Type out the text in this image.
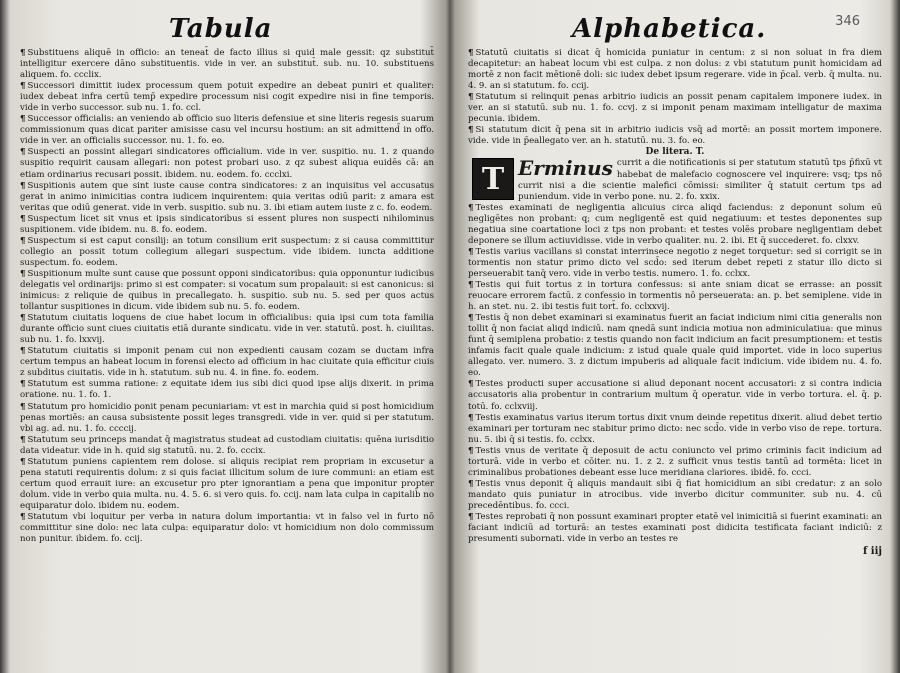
Tabula

¶ Substituens aliquē in officio: an teneat̄ de facto illius si quid male gessit: qz substitut̄ intelligitur exercere dāno substituentis. vide in ver. an substitut̄. sub. nu. 10. substituens aliquem. fo. ccclix.

¶ Successori dimittit iudex processum quem potuit expedire an debeat puniri et qualiter: iudex debeat infra certū temp̄ expedire processum nisi cogit expedire nisi in fine temporis. vide in verbo successor. sub nu. 1. fo. ccl.

¶ Successor officialis: an veniendo ab officio suo literis defensiue et sine literis regesis suarum commissionum quas dicat pariter amisisse casu vel incursu hostium: an sit admittend̄ in offo. vide in ver. an officialis successor. nu. 1. fo. eo.

¶ Suspecti an possint allegari sindicatores officialium. vide in ver. suspitio. nu. 1. z quando suspitio requirit causam allegari: non potest probari uso. z qz subest aliqua euidēs cā: an etiam ordinarius recusari possit. ibidem. nu. eodem. fo. ccclxi.

¶ Suspitionis autem que sint iuste cause contra sindicatores: z an inquisitus vel accusatus gerat in animo inimicitias contra iudicem inquirentem: quia veritas odiū parit: z amara est veritas que odiū generat. vide in verb. suspitio. sub nu. 3. ibi etiam autem iuste z c. fo. eodem.

¶ Suspectum licet sit vnus et ipsis sindicatoribus si essent plures non suspecti nihilominus suspitionem. vide ibidem. nu. 8. fo. eodem.

¶ Suspectum si est caput consilij: an totum consilium erit suspectum: z si causa committitur collegio an possit totum collegium allegari suspectum. vide ibidem. iuncta additione suspectum. fo. eodem.

¶ Suspitionum multe sunt cause que possunt opponi sindicatoribus: quia opponuntur iudicibus delegatis vel ordinarijs: primo si est compater: si vocatum sum propalauit: si est canonicus: si inimicus: z reliquie de quibus in precallegato. h. suspitio. sub nu. 5. sed per quos actus tollantur suspitiones in dicum. vide ibidem sub nu. 5. fo. eodem.

¶ Statutum ciuitatis loquens de ciue habet locum in officialibus: quia ipsi cum tota familia durante officio sunt ciues ciuitatis etiā durante sindicatu. vide in ver. statutū. post. h. ciuilitas. sub nu. 1. fo. lxxvij.

¶ Statutum ciuitatis si imponit penam cui non expedienti causam cozam se ductam infra certum tempus an habeat locum in forensi electo ad officium in hac ciuitate quia efficitur ciuis z subditus ciuitatis. vide in h. statutum. sub nu. 4. in fine. fo. eodem.

¶ Statutum est summa ratione: z equitate idem ius sibi dici quod ipse alijs dixerit. in prima oratione. nu. 1. fo. 1.

¶ Statutum pro homicidio ponit penam pecuniariam: vt est in marchia quid si post homicidium penas mortiēs: an causa subsistente possit leges transgredi. vide in ver. quid si per statutum. vbi ag. ad. nu. 1. fo. ccccij.

¶ Statutum seu princeps mandat q̄ magistratus studeat ad custodiam ciuitatis: quēna iurisditio data videatur. vide in h. quid sig statutū. nu. 2. fo. cccix.

¶ Statutum puniens capientem rem dolose. si aliquis recipiat rem propriam in excusetur a pena statuti requirentis dolum: z si quis faciat illicitum solum de iure communi: an etiam est certum quod errauit iure: an excusetur pro pter ignorantiam a pena que imponitur propter dolum. vide in verbo quia multa. nu. 4. 5. 6. si vero quis. fo. ccij. nam lata culpa in capitalib̄ no equiparatur dolo. ibidem nu. eodem.

¶ Statutum vbi loquitur per verba in natura dolum importantia: vt in falso vel in furto nō committitur sine dolo: nec lata culpa: equiparatur dolo: vt homicidium non dolo commissum non punitur. ibidem. fo. ccij.

Alphabetica.	346

¶ Statutū ciuitatis si dicat q̄ homicida puniatur in centum: z si non soluat in fra diem decapitetur: an habeat locum vbi est culpa. z non dolus: z vbi statutum punit homicidam ad mortē z non facit mētionē doli: sic iudex debet ipsum regerare. vide in p̄cal. verb. q̄ multa. nu. 4. 9. an si statutum. fo. ccij.

¶ Statutum si relinquit penas arbitrio iudicis an possit penam capitalem imponere iudex. in ver. an si statutū. sub nu. 1. fo. ccvj. z si imponit penam maximam intelligatur de maxima pecunia. ibidem.

¶ Si statutum dicit q̄ pena sit in arbitrio iudicis vsq̄ ad mortē: an possit mortem imponere. vide. vide in p̄eallegato ver. an h. statutū. nu. 3. fo. eo.

De litera. T.

T Erminus currit a die notificationis si per statutum statutū tps p̄fixū vt habebat de malefacio cognoscere vel inquirere: vsq; tps nō currit nisi a die scientie malefici cōmissi: similiter q̄ statuit certum tps ad puniendum. vide in verbo pone. nu. 2. fo. xxix.

¶ Testes examinati de negligentia alicuius circa aliqd faciendus: z deponunt solum eū negligētes non probant: q; cum negligentē est quid negatiuum: et testes deponentes sup negatiua sine coartatione loci z tps non probant: et testes volēs probare negligentiam debet deponere se illum actiuvidisse. vide in verbo qualiter. nu. 2. ibi. Et q̄ succederet. fo. clxxv.

¶ Testis varius vacillans si constat interrinsece negotio z neget torquetur: sed si corrigit se in tormentis non statur primo dicto vel scd̄o: sed iterum debet repeti z statur illo dicto si perseuerabit tanq̄ vero. vide in verbo testis. numero. 1. fo. cclxx.

¶ Testis qui fuit tortus z in tortura confessus: si ante sniam dicat se errasse: an possit reuocare errorem factū. z confessio in tormentis nō perseuerata: an. p. bet semiplene. vide in h. an stet. nu. 2. ibi testis fuit tort̄. fo. cclxxvij.

¶ Testis q̄ non debet examinari si examinatus fuerit an faciat indicium nimi citia generalis non tollit q̄ non faciat aliqd indiciū. nam qnedā sunt indicia motiua non adminiculatiua: que minus funt q̄ semiplena probatio: z testis quando non facit indicium an facit presumptionem: et testis infamis facit quale quale indicium: z istud quale quale quid importet. vide in loco superius allegato. ver. numero. 3. z dictum impuberis ad aliquale facit indicium. vide ibidem nu. 4. fo. eo.

¶ Testes producti super accusatione si aliud deponant nocent accusatori: z si contra indicia accusatoris alia probentur in contrarium multum q̄ operatur. vide in verbo tortura. el. q̄. p. totū. fo. cclxviij.

¶ Testis examinatus varius iterum tortus dixit vnum deinde repetitus dixerit. aliud debet tertio examinari per torturam nec stabitur primo dicto: nec scd̄o. vide in verbo viso de repe. tortura. nu. 5. ibi q̄ si testis. fo. cclxx.

¶ Testis vnus de veritate q̄ deposuit de actu coniuncto vel primo criminis facit indicium ad torturā. vide in verbo et cōiter. nu. 1. z 2. z sufficit vnus testis tantū ad tormēta: licet in criminalibus probationes debeant esse luce meridiana clariores. ibidē. fo. ccci.

¶ Testis vnus deponit q̄ aliquis mandauit sibi q̄ fiat homicidium an sibi credatur: z an solo mandato quis puniatur in atrocibus. vide inverbo dicitur communiter. sub nu. 4. cū precedēntibus. fo. ccci.

¶ Testes reprobati q̄ non possunt examinari propter etatē vel inimicitiā si fuerint examinati: an faciant indiciū ad torturā: an testes examinati post didicita testificata faciant indiciū: z presumenti subornati. vide in verbo an testes re

f iij
